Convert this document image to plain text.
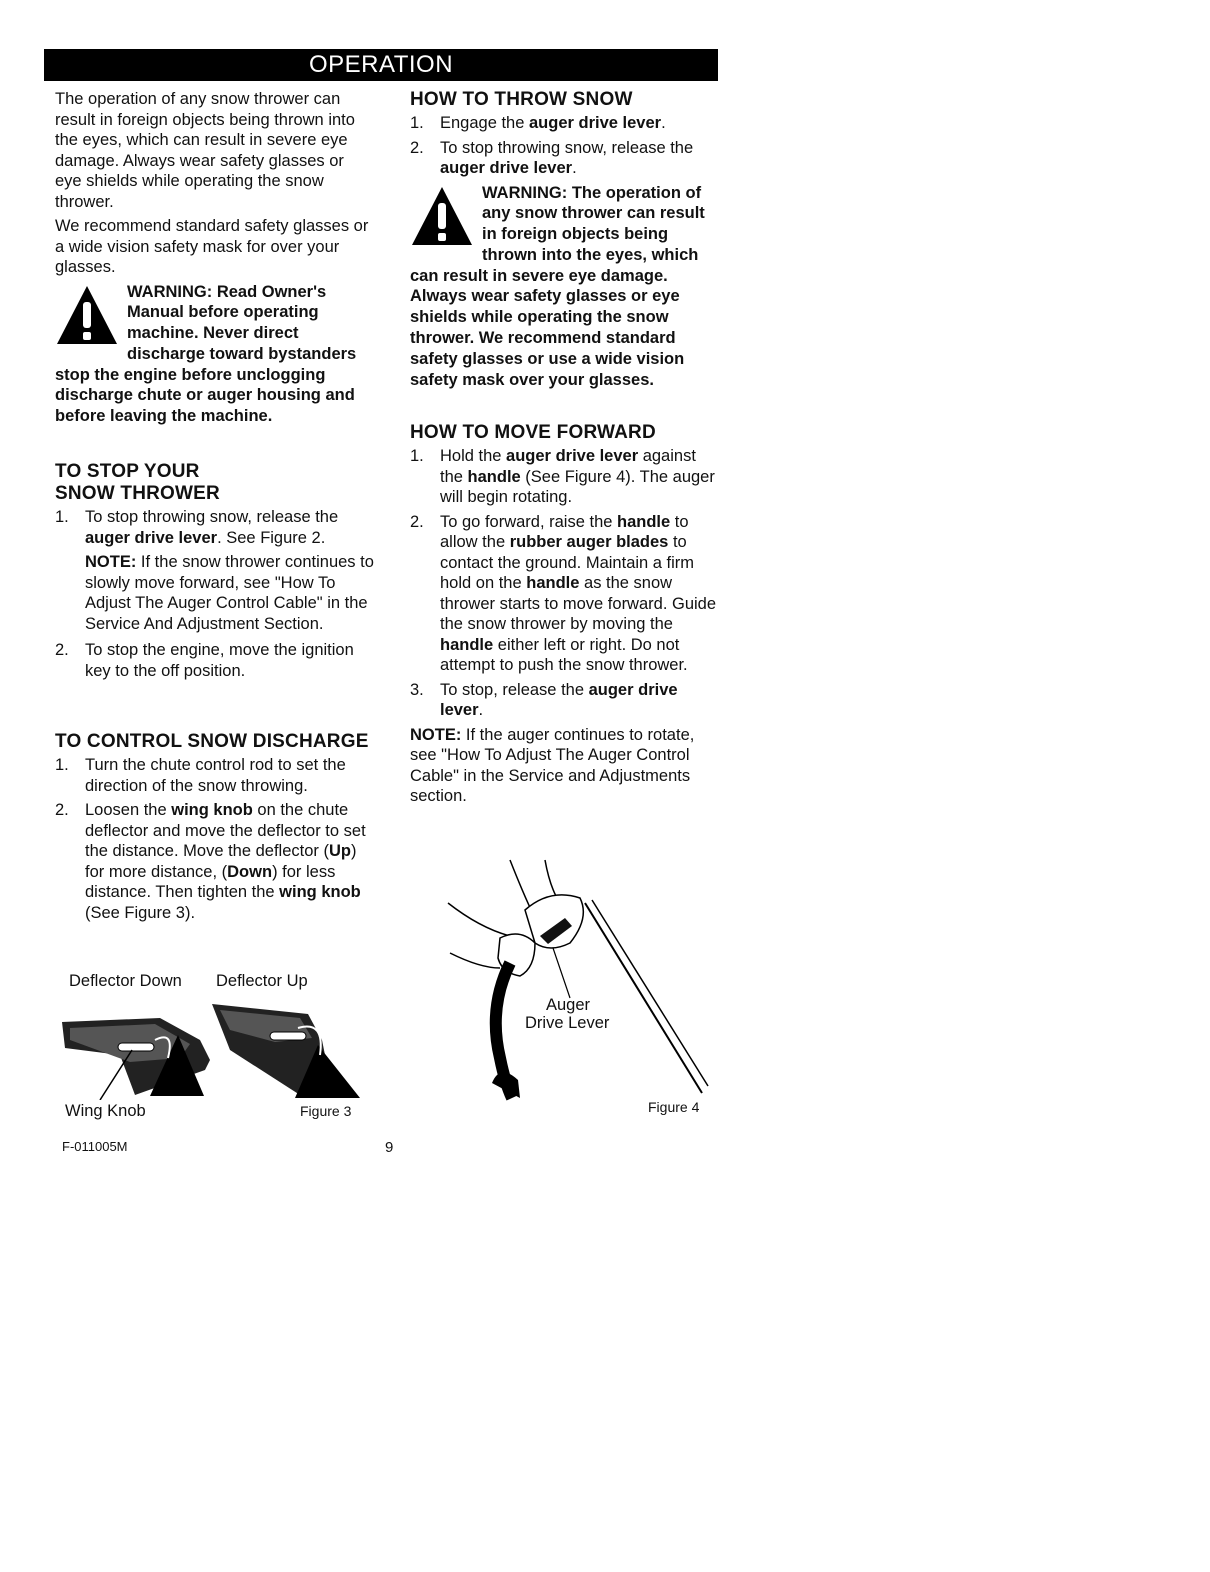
OPERATION

The operation of any snow thrower can result in foreign objects being thrown into the eyes, which can result in severe eye damage. Always wear safety glasses or eye shields while operating the snow thrower.

We recommend standard safety glasses or a wide vision safety mask for over your glasses.

WARNING: Read Owner's Manual before operating machine. Never direct discharge toward bystanders stop the engine before unclogging discharge chute or auger housing and before leaving the machine.
TO STOP YOUR
SNOW THROWER
1. To stop throwing snow, release the auger drive lever. See Figure 2.

NOTE: If the snow thrower continues to slowly move forward, see "How To Adjust The Auger Control Cable" in the Service And Adjustment Section.

2. To stop the engine, move the ignition key to the off position.
TO CONTROL SNOW DISCHARGE
1. Turn the chute control rod to set the direction of the snow throwing.
2. Loosen the wing knob on the chute deflector and move the deflector to set the distance. Move the deflector (Up) for more distance, (Down) for less distance. Then tighten the wing knob (See Figure 3).
Deflector Down Deflector Up
Wing Knob	Figure 3
HOW TO THROW SNOW
1. Engage the auger drive lever.
2. To stop throwing snow, release the auger drive lever.
WARNING: The operation of any snow thrower can result in foreign objects being thrown into the eyes, which can result in severe eye damage. Always wear safety glasses or eye shields while operating the snow thrower. We recommend standard safety glasses or use a wide vision safety mask over your glasses.
HOW TO MOVE FORWARD
1. Hold the auger drive lever against the handle (See Figure 4). The auger will begin rotating.
2. To go forward, raise the handle to allow the rubber auger blades to contact the ground. Maintain a firm hold on the handle as the snow thrower starts to move forward. Guide the snow thrower by moving the handle either left or right. Do not attempt to push the snow thrower.
3. To stop, release the auger drive lever.

NOTE: If the auger continues to rotate, see "How To Adjust The Auger Control Cable" in the Service and Adjustments section.

Auger
Drive Lever
Figure 4
F-011005M	9
